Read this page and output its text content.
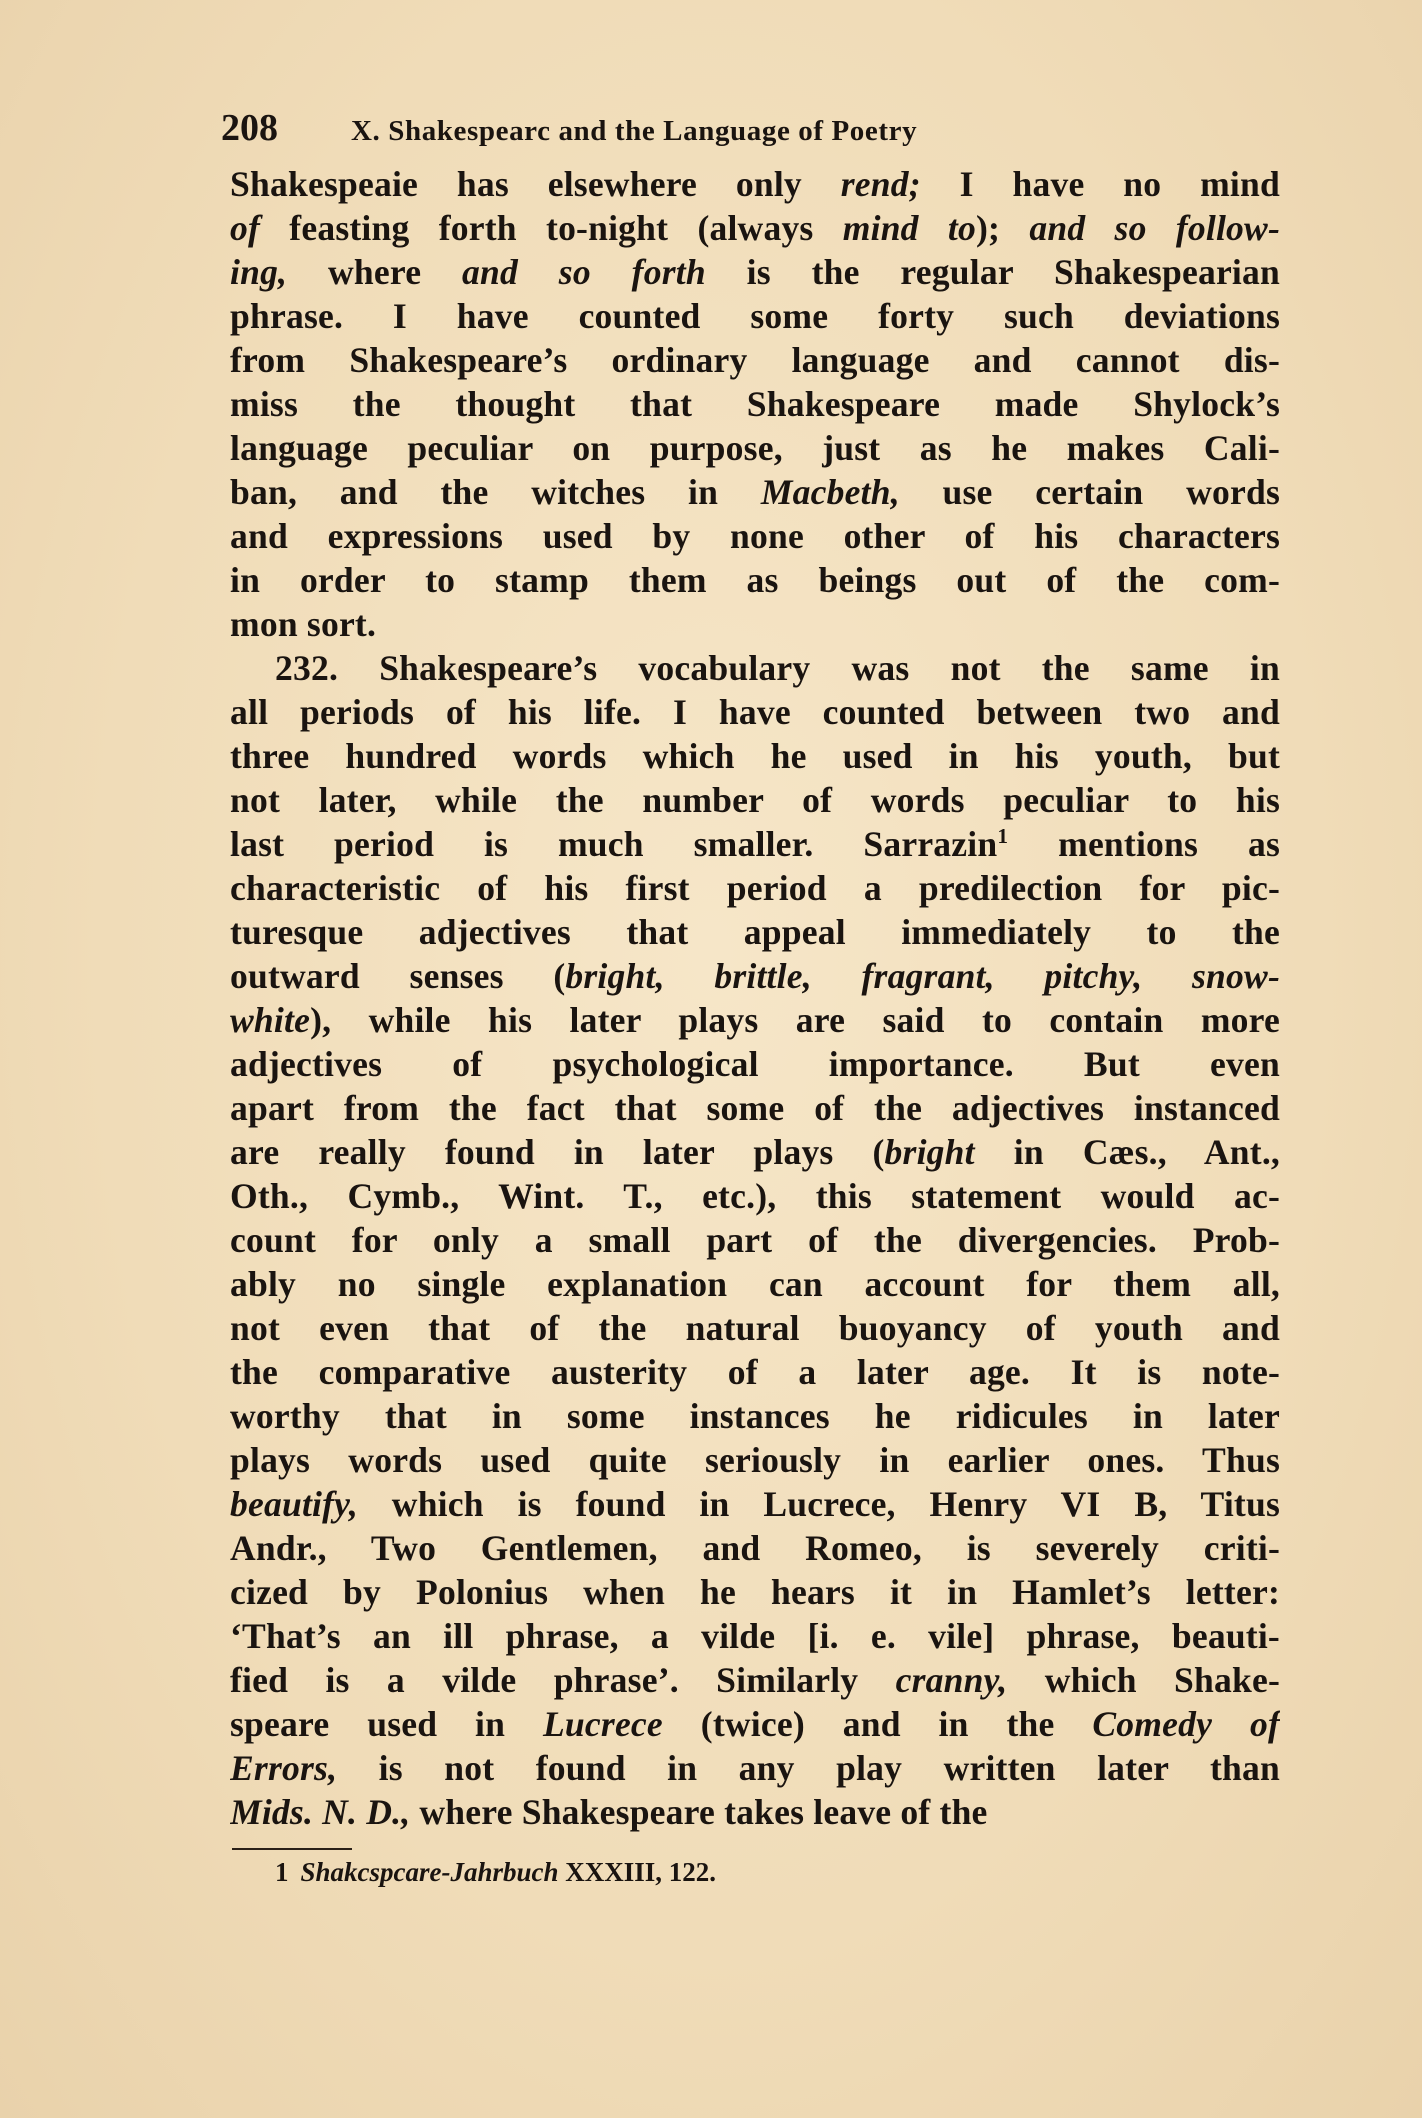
208	X. Shakespearc and the Language of Poetry
Shakespeaie has elsewhere only rend; I have no mind
of feasting forth to-night (always mind to); and so follow-
ing, where and so forth is the regular Shakespearian
phrase. I have counted some forty such deviations
from Shakespeare’s ordinary language and cannot dis-
miss the thought that Shakespeare made Shylock’s
language peculiar on purpose, just as he makes Cali-
ban, and the witches in Macbeth, use certain words
and expressions used by none other of his characters
in order to stamp them as beings out of the com-
mon sort.
232. Shakespeare’s vocabulary was not the same in
all periods of his life. I have counted between two and
three hundred words which he used in his youth, but
not later, while the number of words peculiar to his
last period is much smaller. Sarrazin$^1$ mentions as
characteristic of his first period a predilection for pic-
turesque adjectives that appeal immediately to the
outward senses (bright, brittle, fragrant, pitchy, snow-
white), while his later plays are said to contain more
adjectives of psychological importance. But even
apart from the fact that some of the adjectives instanced
are really found in later plays (bright in Cæs., Ant.,
Oth., Cymb., Wint. T., etc.), this statement would ac-
count for only a small part of the divergencies. Prob-
ably no single explanation can account for them all,
not even that of the natural buoyancy of youth and
the comparative austerity of a later age. It is note-
worthy that in some instances he ridicules in later
plays words used quite seriously in earlier ones. Thus
beautify, which is found in Lucrece, Henry VI B, Titus
Andr., Two Gentlemen, and Romeo, is severely criti-
cized by Polonius when he hears it in Hamlet’s letter:
‘That’s an ill phrase, a vilde [i. e. vile] phrase, beauti-
fied is a vilde phrase’. Similarly cranny, which Shake-
speare used in Lucrece (twice) and in the Comedy of
Errors, is not found in any play written later than
Mids. N. D., where Shakespeare takes leave of the
1 Shakcspcare-Jahrbuch XXXIII, 122.
